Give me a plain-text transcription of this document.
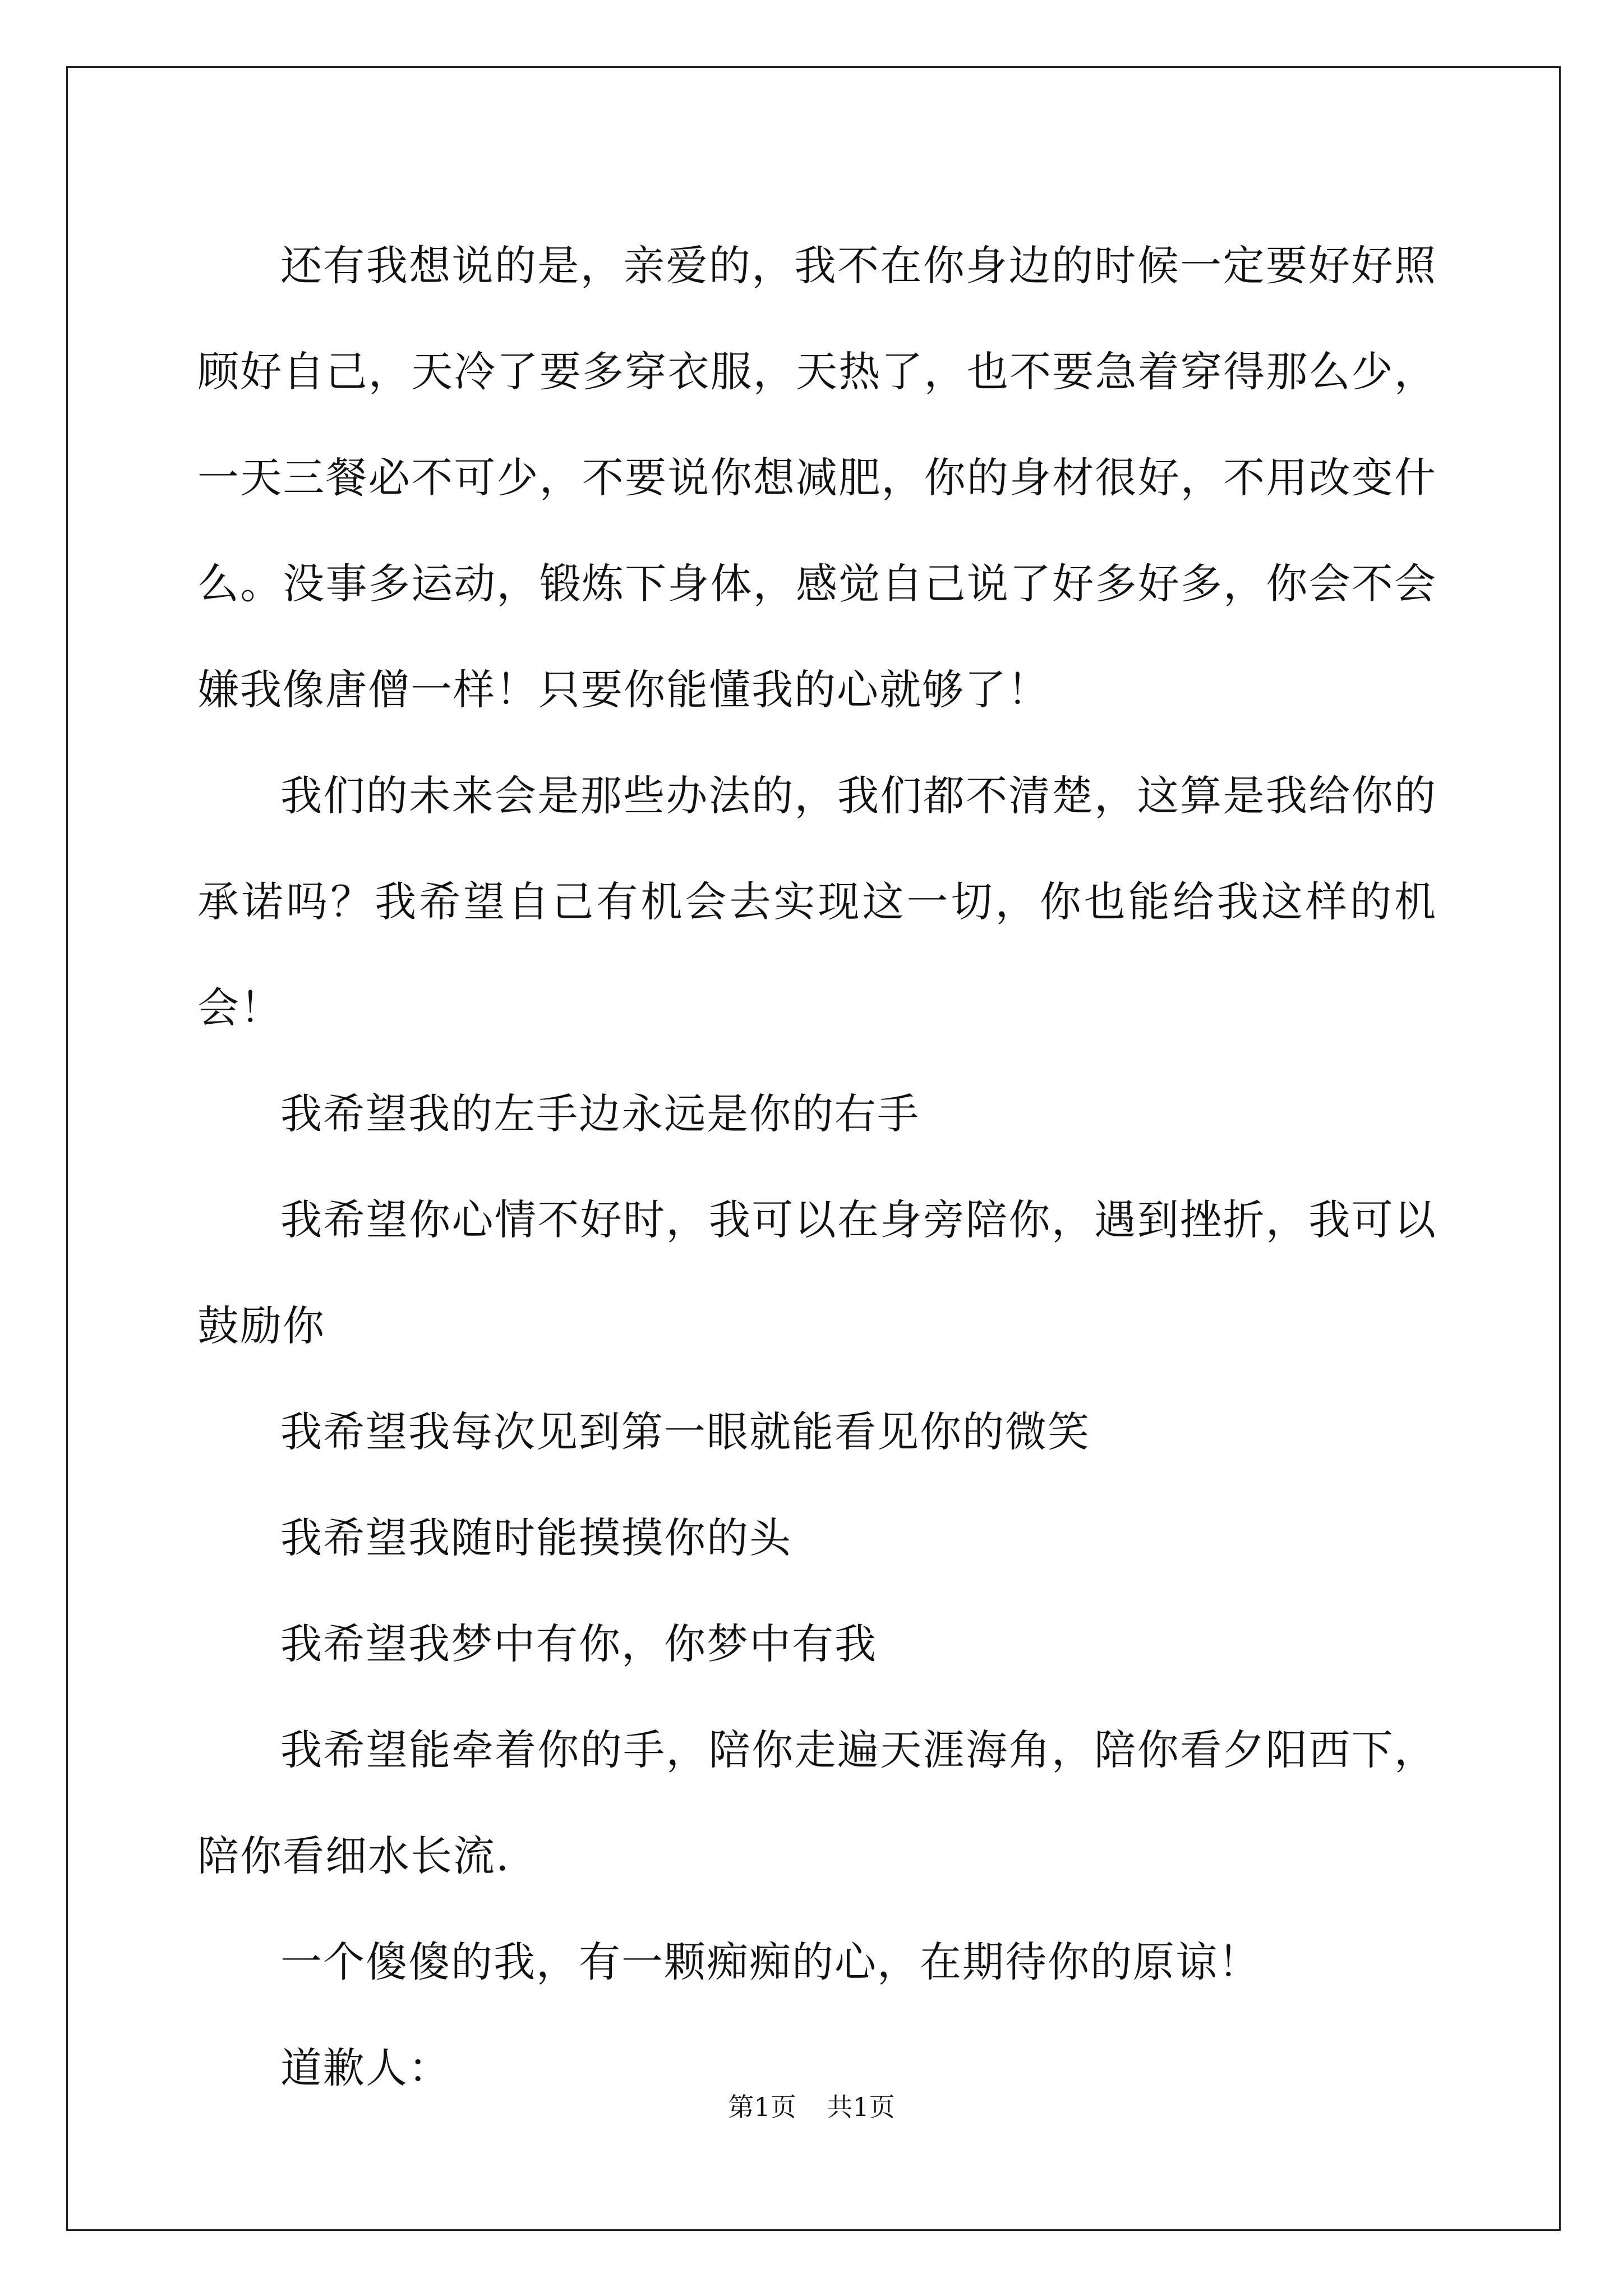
还有我想说的是，亲爱的，我不在你身边的时候一定要好好照顾好自己，天冷了要多穿衣服，天热了，也不要急着穿得那么少，一天三餐必不可少，不要说你想减肥，你的身材很好，不用改变什么。没事多运动，锻炼下身体，感觉自己说了好多好多，你会不会嫌我像唐僧一样！只要你能懂我的心就够了！

我们的未来会是那些办法的，我们都不清楚，这算是我给你的承诺吗？我希望自己有机会去实现这一切，你也能给我这样的机会！

我希望我的左手边永远是你的右手

我希望你心情不好时，我可以在身旁陪你，遇到挫折，我可以鼓励你

我希望我每次见到第一眼就能看见你的微笑

我希望我随时能摸摸你的头

我希望我梦中有你，你梦中有我

我希望能牵着你的手，陪你走遍天涯海角，陪你看夕阳西下，陪你看细水长流.

一个傻傻的我，有一颗痴痴的心，在期待你的原谅！

道歉人：

第1页 共1页
